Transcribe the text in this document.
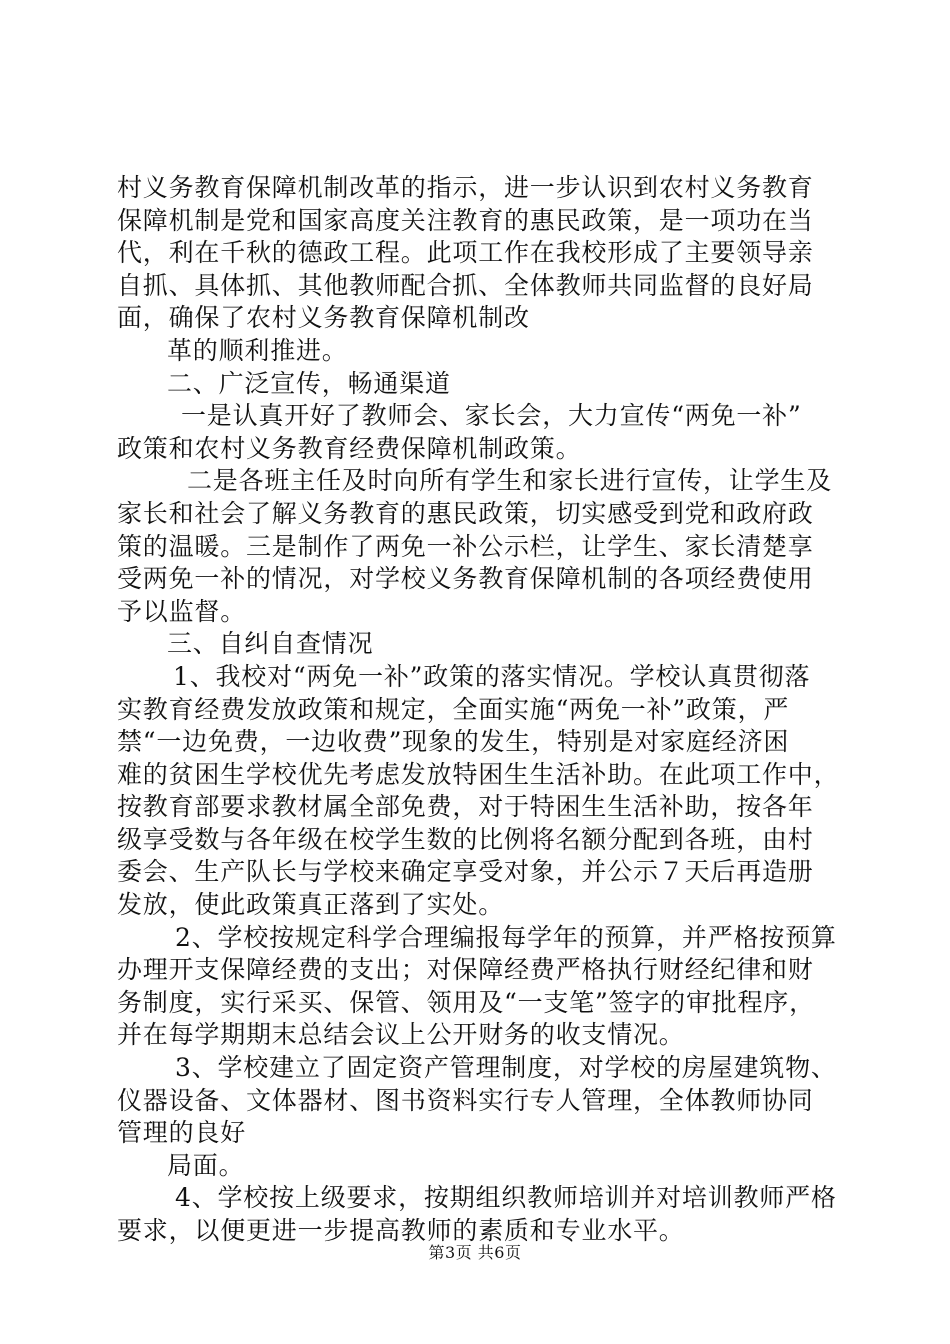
村义务教育保障机制改革的指示，进一步认识到农村义务教育
保障机制是党和国家高度关注教育的惠民政策，是一项功在当
代，利在千秋的德政工程。此项工作在我校形成了主要领导亲
自抓、具体抓、其他教师配合抓、全体教师共同监督的良好局
面，确保了农村义务教育保障机制改
革的顺利推进。
二、广泛宣传，畅通渠道
一是认真开好了教师会、家长会，大力宣传“两免一补”
政策和农村义务教育经费保障机制政策。
二是各班主任及时向所有学生和家长进行宣传，让学生及
家长和社会了解义务教育的惠民政策，切实感受到党和政府政
策的温暖。三是制作了两免一补公示栏，让学生、家长清楚享
受两免一补的情况，对学校义务教育保障机制的各项经费使用
予以监督。
三、自纠自查情况
1、我校对“两免一补”政策的落实情况。学校认真贯彻落
实教育经费发放政策和规定，全面实施“两免一补”政策，严
禁“一边免费，一边收费”现象的发生，特别是对家庭经济困
难的贫困生学校优先考虑发放特困生生活补助。在此项工作中，
按教育部要求教材属全部免费，对于特困生生活补助，按各年
级享受数与各年级在校学生数的比例将名额分配到各班，由村
委会、生产队长与学校来确定享受对象，并公示７天后再造册
发放，使此政策真正落到了实处。
2、学校按规定科学合理编报每学年的预算，并严格按预算
办理开支保障经费的支出；对保障经费严格执行财经纪律和财
务制度，实行采买、保管、领用及“一支笔”签字的审批程序，
并在每学期期末总结会议上公开财务的收支情况。
3、学校建立了固定资产管理制度，对学校的房屋建筑物、
仪器设备、文体器材、图书资料实行专人管理，全体教师协同
管理的良好
局面。
4、学校按上级要求，按期组织教师培训并对培训教师严格
要求，以便更进一步提高教师的素质和专业水平。
第3页 共6页
